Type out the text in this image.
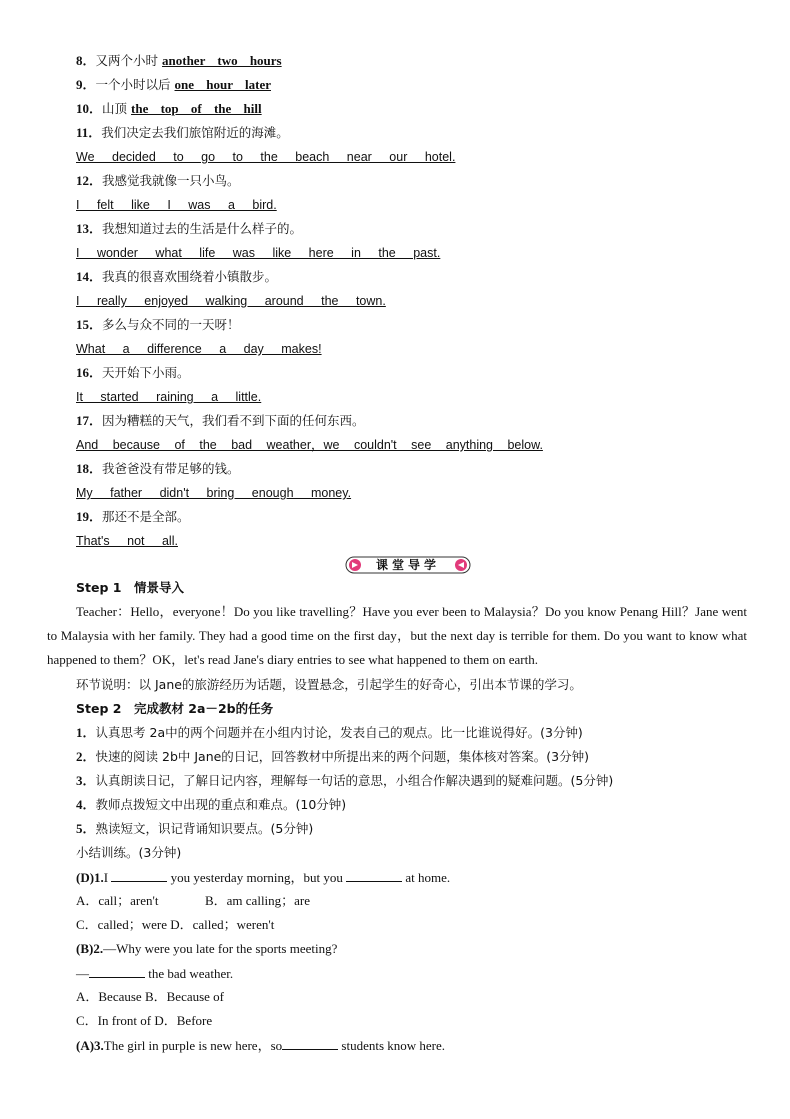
8．又两个小时 another two hours
9．一个小时以后 one hour later
10．山顶 the top of the hill
11．我们决定去我们旅馆附近的海滩。
We decided to go to the beach near our hotel.
12．我感觉我就像一只小鸟。
I felt like I was a bird.
13．我想知道过去的生活是什么样子的。
I wonder what life was like here in the past.
14．我真的很喜欢围绕着小镇散步。
I really enjoyed walking around the town.
15．多么与众不同的一天呀！
What a difference a day makes!
16．天开始下小雨。
It started raining a little.
17．因为糟糕的天气，我们看不到下面的任何东西。
And because of the bad weather，we couldn't see anything below.
18．我爸爸没有带足够的钱。
My father didn't bring enough money.
19．那还不是全部。
That's not all.
课堂导学
Step 1　情景导入
Teacher：Hello，everyone！Do you like travelling？Have you ever been to Malaysia？Do you know Penang Hill？Jane went to Malaysia with her family. They had a good time on the first day，but the next day is terrible for them. Do you want to know what happened to them？OK，let's read Jane's diary entries to see what happened to them on earth.
环节说明：以 Jane的旅游经历为话题，设置悬念，引起学生的好奇心，引出本节课的学习。
Step 2　完成教材 2a－2b的任务
1．认真思考 2a中的两个问题并在小组内讨论，发表自己的观点。比一比谁说得好。(3分钟)
2．快速的阅读 2b中 Jane的日记，回答教材中所提出来的两个问题，集体核对答案。(3分钟)
3．认真朗读日记，了解日记内容，理解每一句话的意思，小组合作解决遇到的疑难问题。(5分钟)
4．教师点拨短文中出现的重点和难点。(10分钟)
5．熟读短文，识记背诵知识要点。(5分钟)
小结训练。(3分钟)
(D)1.I	you yesterday morning，but you	at home.
A．call；aren't	B．am calling；are
C．called；were D．called；weren't
(B)2.—Why were you late for the sports meeting?
—	the bad weather.
A．Because B．Because of
C．In front of D．Before
(A)3.The girl in purple is new here，so	students know here.
